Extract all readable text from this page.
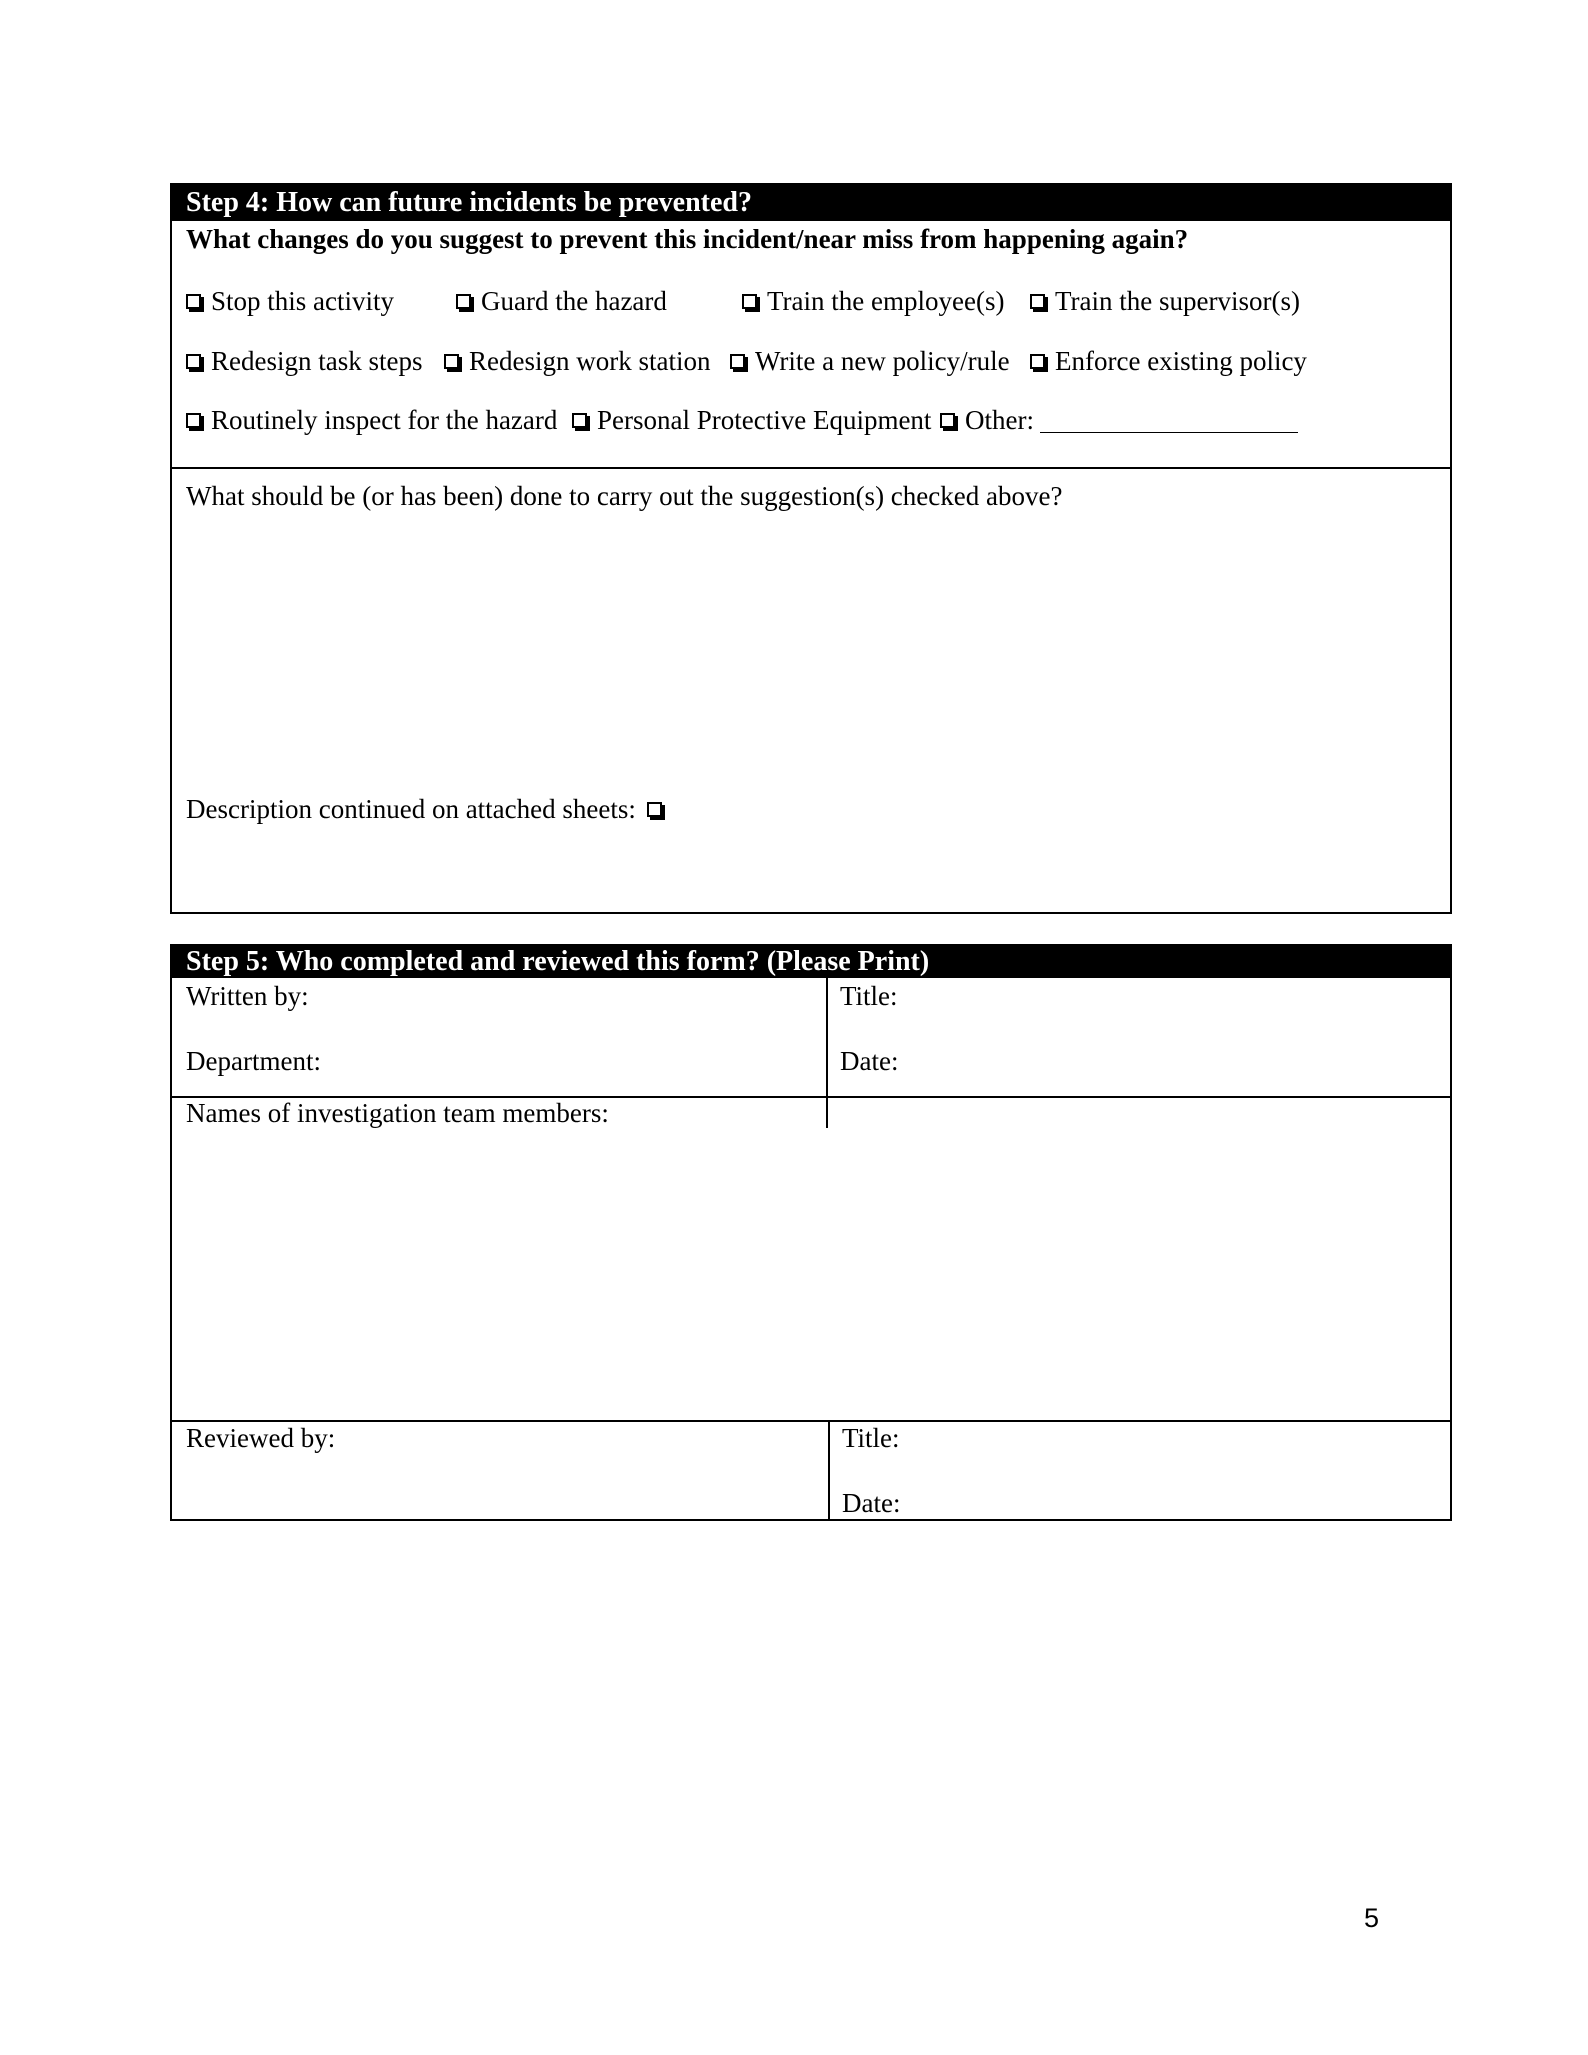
Step 4: How can future incidents be prevented?
What changes do you suggest to prevent this incident/near miss from happening again?
Stop this activity	Guard the hazard	Train the employee(s)	Train the supervisor(s)
Redesign task steps	Redesign work station	Write a new policy/rule	Enforce existing policy
Routinely inspect for the hazard	Personal Protective Equipment	Other:
What should be (or has been) done to carry out the suggestion(s) checked above?
Description continued on attached sheets:
Step 5: Who completed and reviewed this form? (Please Print)
Written by:	Title:
Department:	Date:
Names of investigation team members:
Reviewed by:	Title:
Date:
5
